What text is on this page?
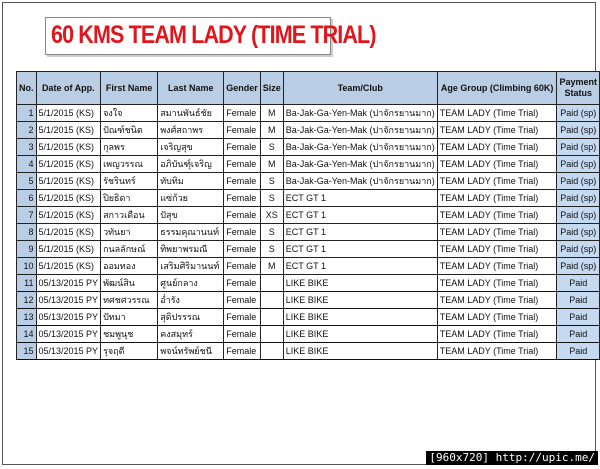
60 KMS TEAM LADY (TIME TRIAL)
No.	Date of App.	First Name	Last Name	Gender	Size	Team/Club	Age Group (Climbing 60K)	Payment Status
1	5/1/2015 (KS)	จงใจ	สมานพันธ์ชัย	Female	M	Ba-Jak-Ga-Yen-Mak (ปาจักรยานมาก)	TEAM LADY (Time Trial)	Paid (sp)
2	5/1/2015 (KS)	ปัณฑ์ชนิต	พงศ์สถาพร	Female	M	Ba-Jak-Ga-Yen-Mak (ปาจักรยานมาก)	TEAM LADY (Time Trial)	Paid (sp)
3	5/1/2015 (KS)	กุลพร	เจริญสุข	Female	S	Ba-Jak-Ga-Yen-Mak (ปาจักรยานมาก)	TEAM LADY (Time Trial)	Paid (sp)
4	5/1/2015 (KS)	เพญวรรณ	อภิบันฑุ์เจริญ	Female	M	Ba-Jak-Ga-Yen-Mak (ปาจักรยานมาก)	TEAM LADY (Time Trial)	Paid (sp)
5	5/1/2015 (KS)	รัชรินทร์	ทับทิม	Female	S	Ba-Jak-Ga-Yen-Mak (ปาจักรยานมาก)	TEAM LADY (Time Trial)	Paid (sp)
6	5/1/2015 (KS)	ปิยธิดา	แซ่ก้วย	Female	S	ECT GT 1	TEAM LADY (Time Trial)	Paid (sp)
7	5/1/2015 (KS)	สกาวเดือน	ปัสุข	Female	XS	ECT GT 1	TEAM LADY (Time Trial)	Paid (sp)
8	5/1/2015 (KS)	วทันยา	ธรรมคุณานนท์	Female	S	ECT GT 1	TEAM LADY (Time Trial)	Paid (sp)
9	5/1/2015 (KS)	กนลลักษณ์	ทิพยาพรมณี	Female	S	ECT GT 1	TEAM LADY (Time Trial)	Paid (sp)
10	5/1/2015 (KS)	ออมทอง	เสริมศิริมานนท์	Female	M	ECT GT 1	TEAM LADY (Time Trial)	Paid (sp)
11	05/13/2015 PY	พัฒน์สิน	ศูนย์กลาง	Female		LIKE BIKE	TEAM LADY (Time Trial)	Paid
12	05/13/2015 PY	ทศชศวรรณ	อ่ำรัง	Female		LIKE BIKE	TEAM LADY (Time Trial)	Paid
13	05/13/2015 PY	ปัทมา	สุดิปรรรณ	Female		LIKE BIKE	TEAM LADY (Time Trial)	Paid
14	05/13/2015 PY	ชมพูนุช	คงสมุทร์	Female		LIKE BIKE	TEAM LADY (Time Trial)	Paid
15	05/13/2015 PY	รุจฤดี	พจน์ทรัพย์ชนี	Female		LIKE BIKE	TEAM LADY (Time Trial)	Paid
[960x720] http://upic.me/
